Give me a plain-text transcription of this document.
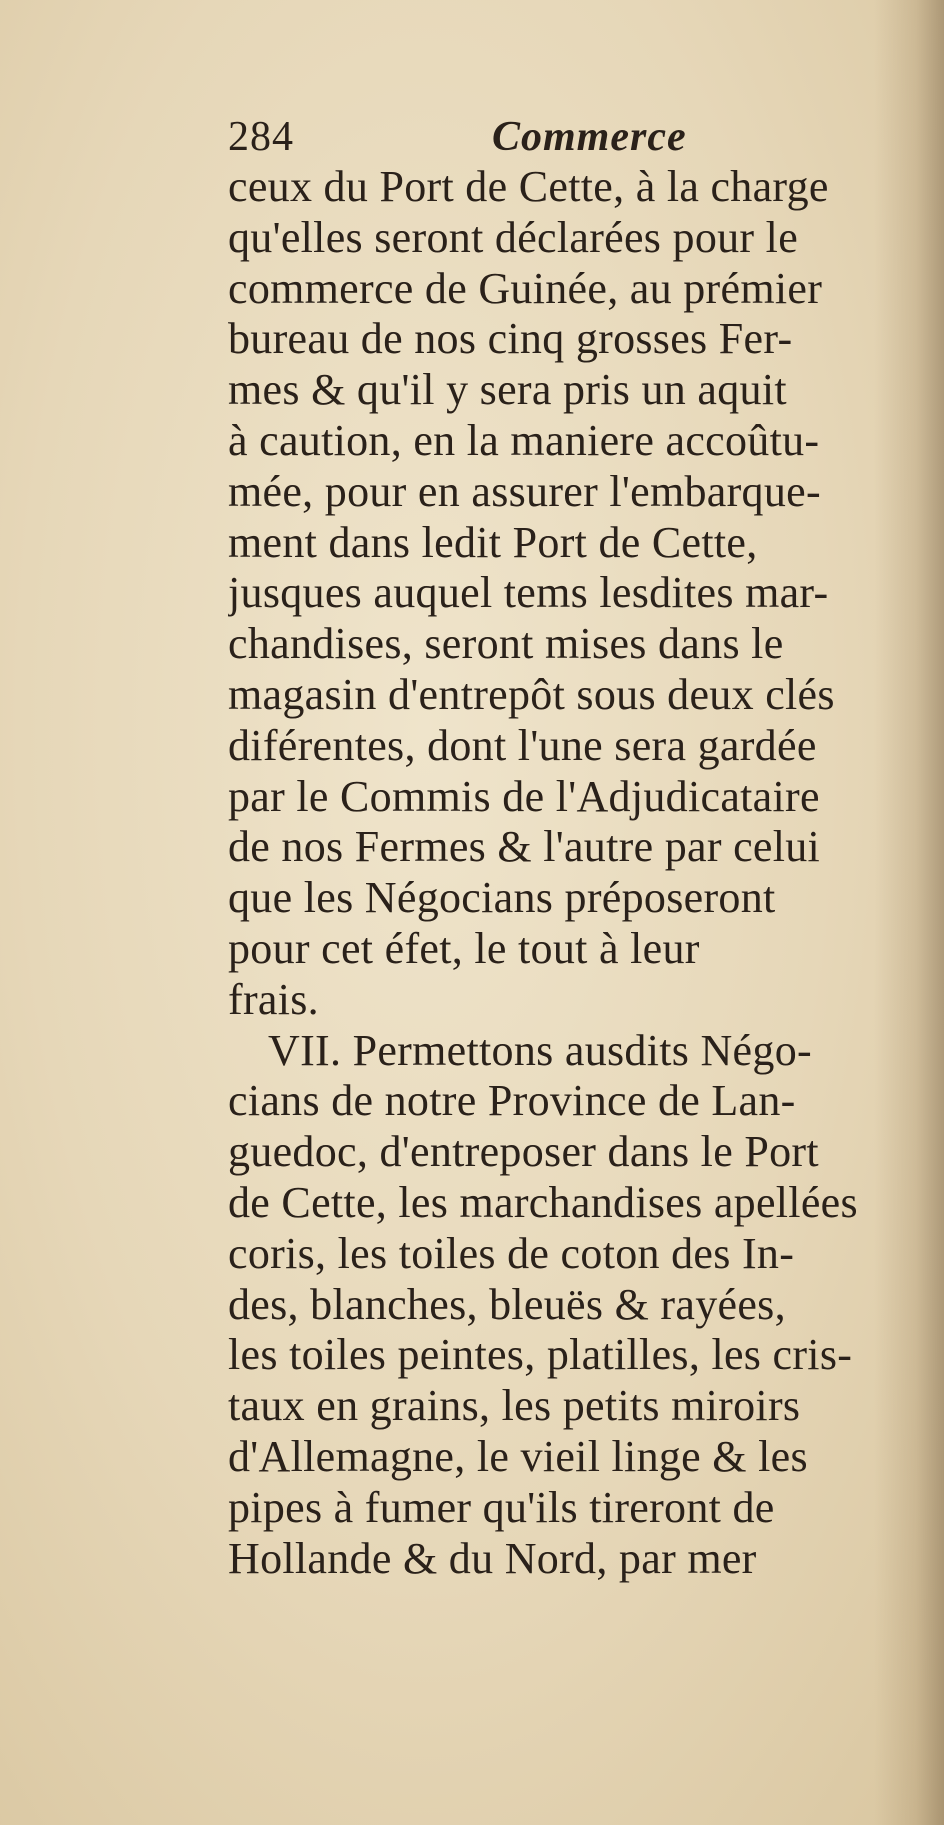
284	Commerce
ceux du Port de Cette, à la charge
qu'elles seront déclarées pour le
commerce de Guinée, au prémier
bureau de nos cinq grosses Fer-
mes & qu'il y sera pris un aquit
à caution, en la maniere accoûtu-
mée, pour en assurer l'embarque-
ment dans ledit Port de Cette,
jusques auquel tems lesdites mar-
chandises, seront mises dans le
magasin d'entrepôt sous deux clés
diférentes, dont l'une sera gardée
par le Commis de l'Adjudicataire
de nos Fermes & l'autre par celui
que les Négocians préposeront
pour cet éfet, le tout à leur
frais.
VII. Permettons ausdits Négo-
cians de notre Province de Lan-
guedoc, d'entreposer dans le Port
de Cette, les marchandises apellées
coris, les toiles de coton des In-
des, blanches, bleuës & rayées,
les toiles peintes, platilles, les cris-
taux en grains, les petits miroirs
d'Allemagne, le vieil linge & les
pipes à fumer qu'ils tireront de
Hollande & du Nord, par mer
